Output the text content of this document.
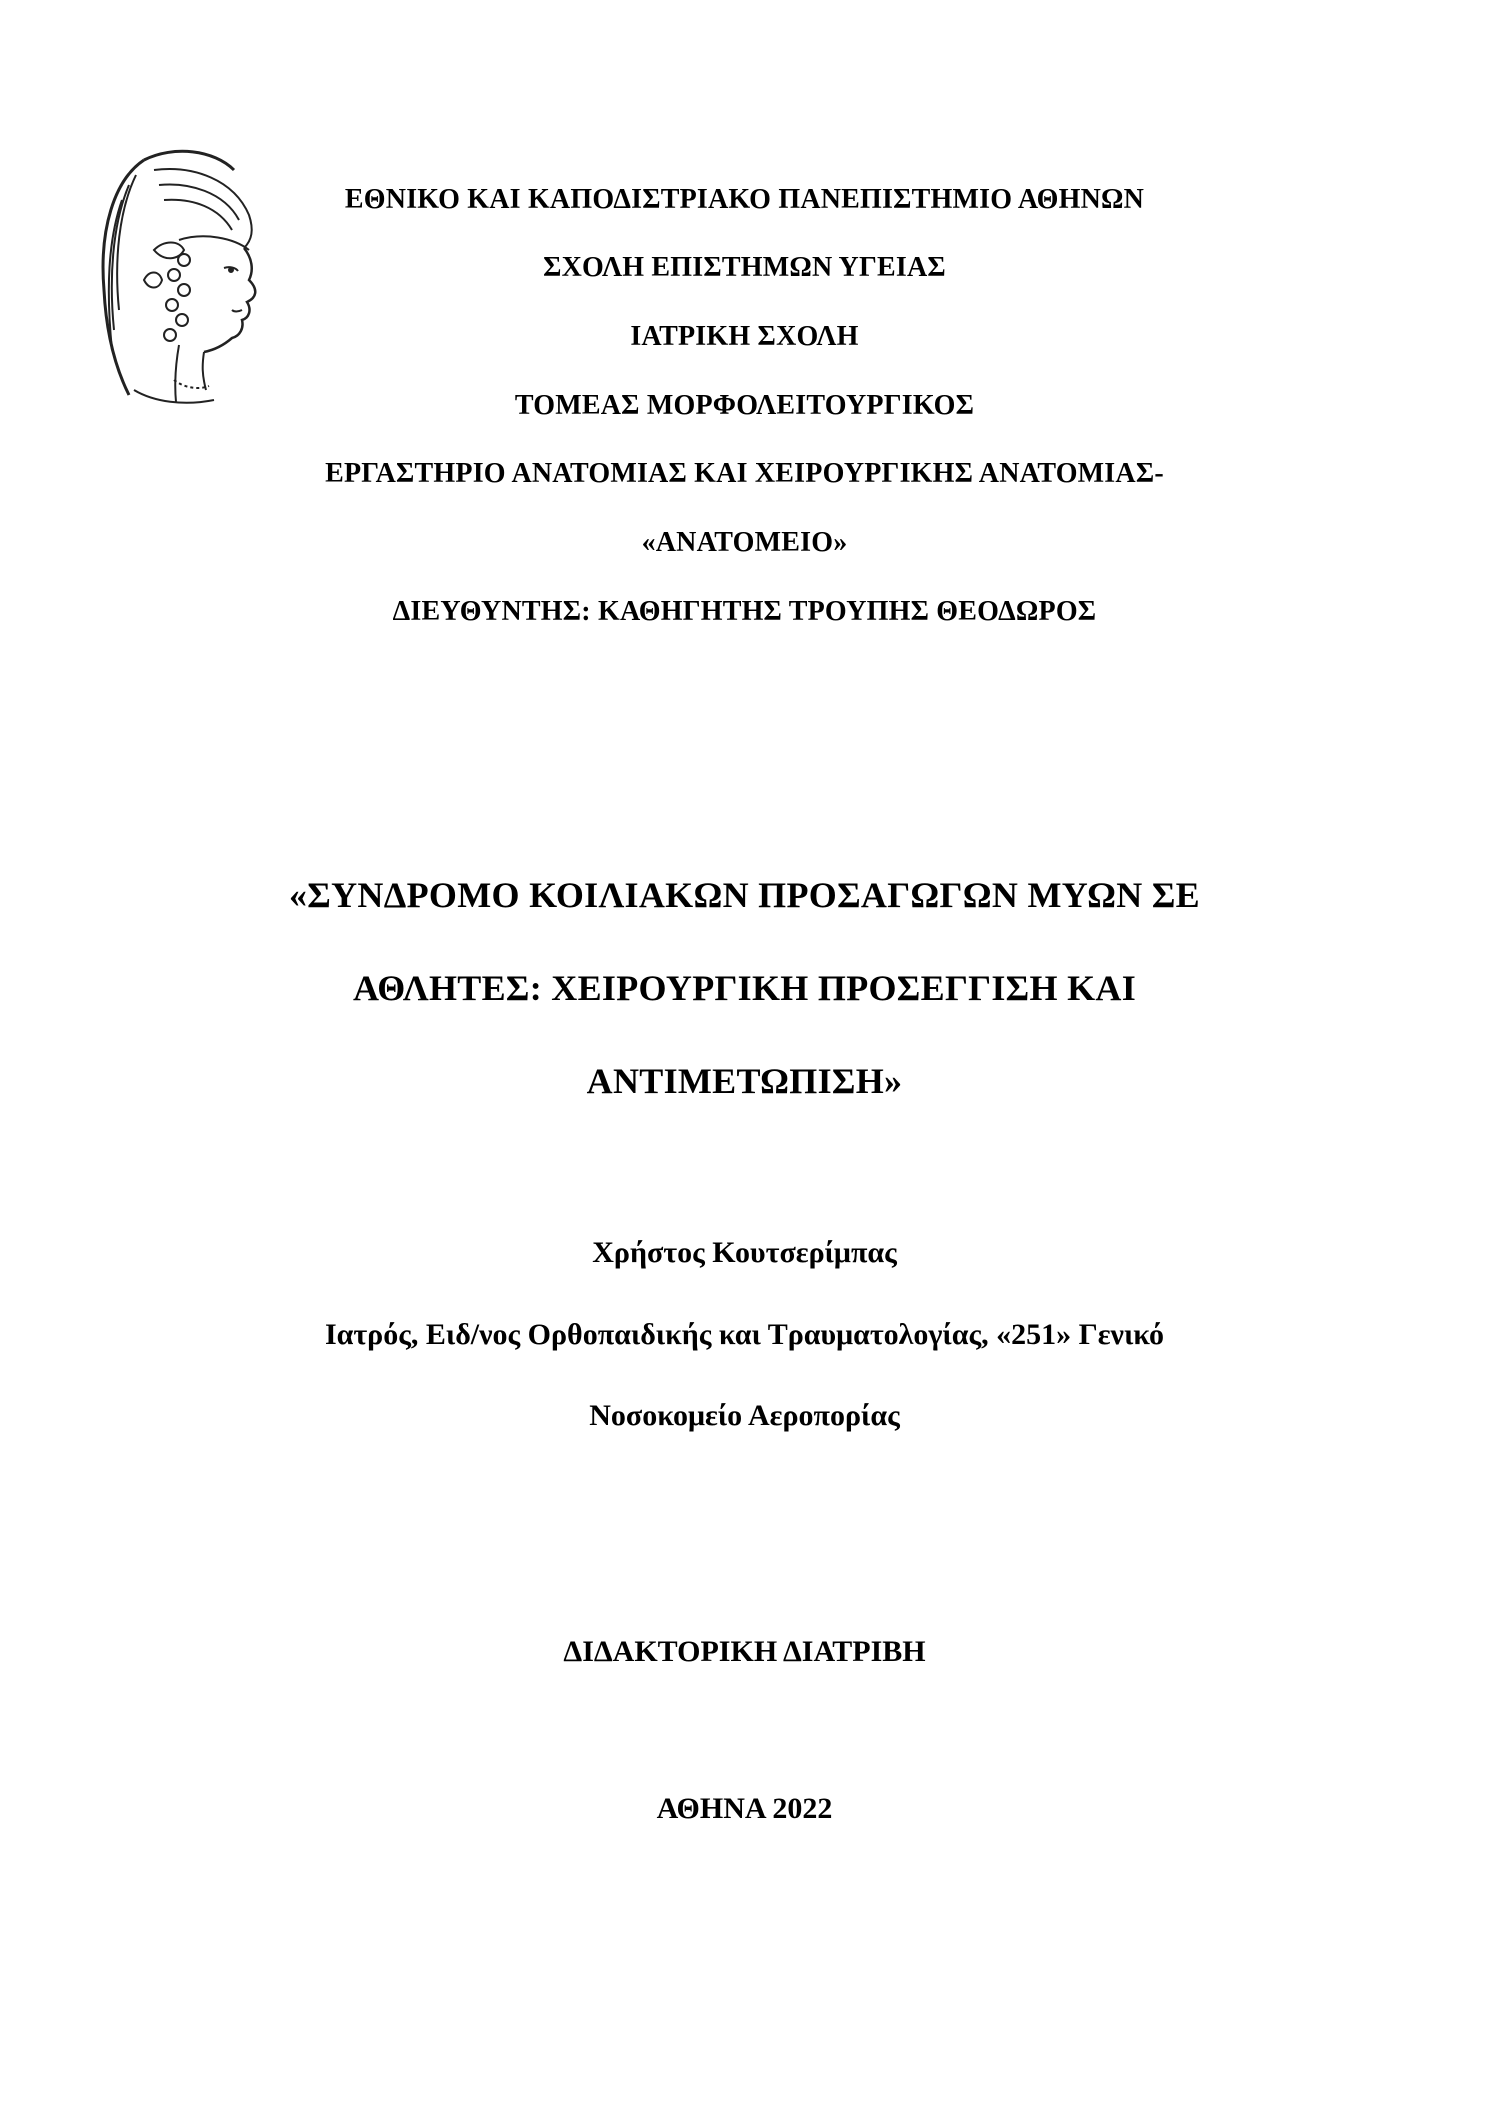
ΕΘΝΙΚΟ ΚΑΙ ΚΑΠΟΔΙΣΤΡΙΑΚΟ ΠΑΝΕΠΙΣΤΗΜΙΟ ΑΘΗΝΩΝ
ΣΧΟΛΗ ΕΠΙΣΤΗΜΩΝ ΥΓΕΙΑΣ
ΙΑΤΡΙΚΗ ΣΧΟΛΗ
ΤΟΜΕΑΣ ΜΟΡΦΟΛΕΙΤΟΥΡΓΙΚΟΣ
ΕΡΓΑΣΤΗΡΙΟ ΑΝΑΤΟΜΙΑΣ ΚΑΙ ΧΕΙΡΟΥΡΓΙΚΗΣ ΑΝΑΤΟΜΙΑΣ-
«ΑΝΑΤΟΜΕΙΟ»
ΔΙΕΥΘΥΝΤΗΣ: ΚΑΘΗΓΗΤΗΣ ΤΡΟΥΠΗΣ ΘΕΟΔΩΡΟΣ
«ΣΥΝΔΡΟΜΟ ΚΟΙΛΙΑΚΩΝ ΠΡΟΣΑΓΩΓΩΝ ΜΥΩΝ ΣΕ
ΑΘΛΗΤΕΣ: ΧΕΙΡΟΥΡΓΙΚΗ ΠΡΟΣΕΓΓΙΣΗ ΚΑΙ
ΑΝΤΙΜΕΤΩΠΙΣΗ»
Χρήστος Κουτσερίμπας
Ιατρός, Ειδ/νος Ορθοπαιδικής και Τραυματολογίας, «251» Γενικό
Νοσοκομείο Αεροπορίας
ΔΙΔΑΚΤΟΡΙΚΗ ΔΙΑΤΡΙΒΗ
ΑΘΗΝΑ 2022
